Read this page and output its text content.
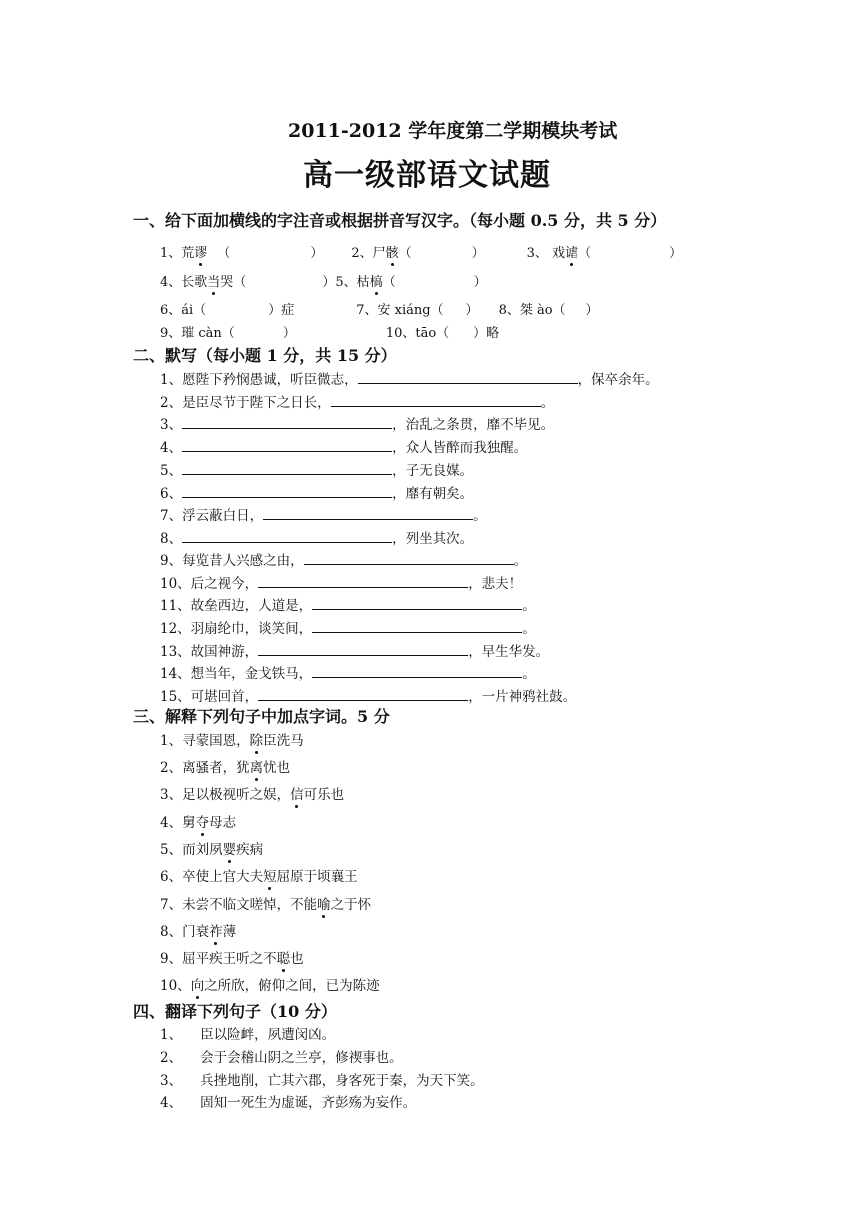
2011-2012 学年度第二学期模块考试
高一级部语文试题
一、给下面加横线的字注音或根据拼音写汉字。（每小题 0.5 分，共 5 分）
1、荒谬 （	） 2、尸骸（	）	3、 戏谑（	）
4、长歌当哭（	）5、枯槁（	）
6、ái（	）症	7、安 xiáng（ ） 8、桀 ào（ ）
9、璀 càn（	）	10、tāo（ ）略
二、默写（每小题 1 分，共 15 分）
1、愿陛下矜悯愚诚，听臣微志，	，保卒余年。
2、是臣尽节于陛下之日长，	。
3、	，治乱之条贯，靡不毕见。
4、	，众人皆醉而我独醒。
5、	，子无良媒。
6、	，靡有朝矣。
7、浮云蔽白日，	。
8、	，列坐其次。
9、每览昔人兴感之由，	。
10、后之视今，	，悲夫！
11、故垒西边，人道是，	。
12、羽扇纶巾，谈笑间，	。
13、故国神游，	，早生华发。
14、想当年，金戈铁马，	。
15、可堪回首，	，一片神鸦社鼓。
三、解释下列句子中加点字词。5 分
1、寻蒙国恩，除臣洗马
2、离骚者，犹离忧也
3、足以极视听之娱，信可乐也
4、舅夺母志
5、而刘夙婴疾病
6、卒使上官大夫短屈原于顷襄王
7、未尝不临文嗟悼，不能喻之于怀
8、门衰祚薄
9、屈平疾王听之不聪也
10、向之所欣，俯仰之间，已为陈迹
四、翻译下列句子（10 分）
1、 臣以险衅，夙遭闵凶。
2、 会于会稽山阴之兰亭，修禊事也。
3、 兵挫地削，亡其六郡，身客死于秦，为天下笑。
4、 固知一死生为虚诞，齐彭殇为妄作。
